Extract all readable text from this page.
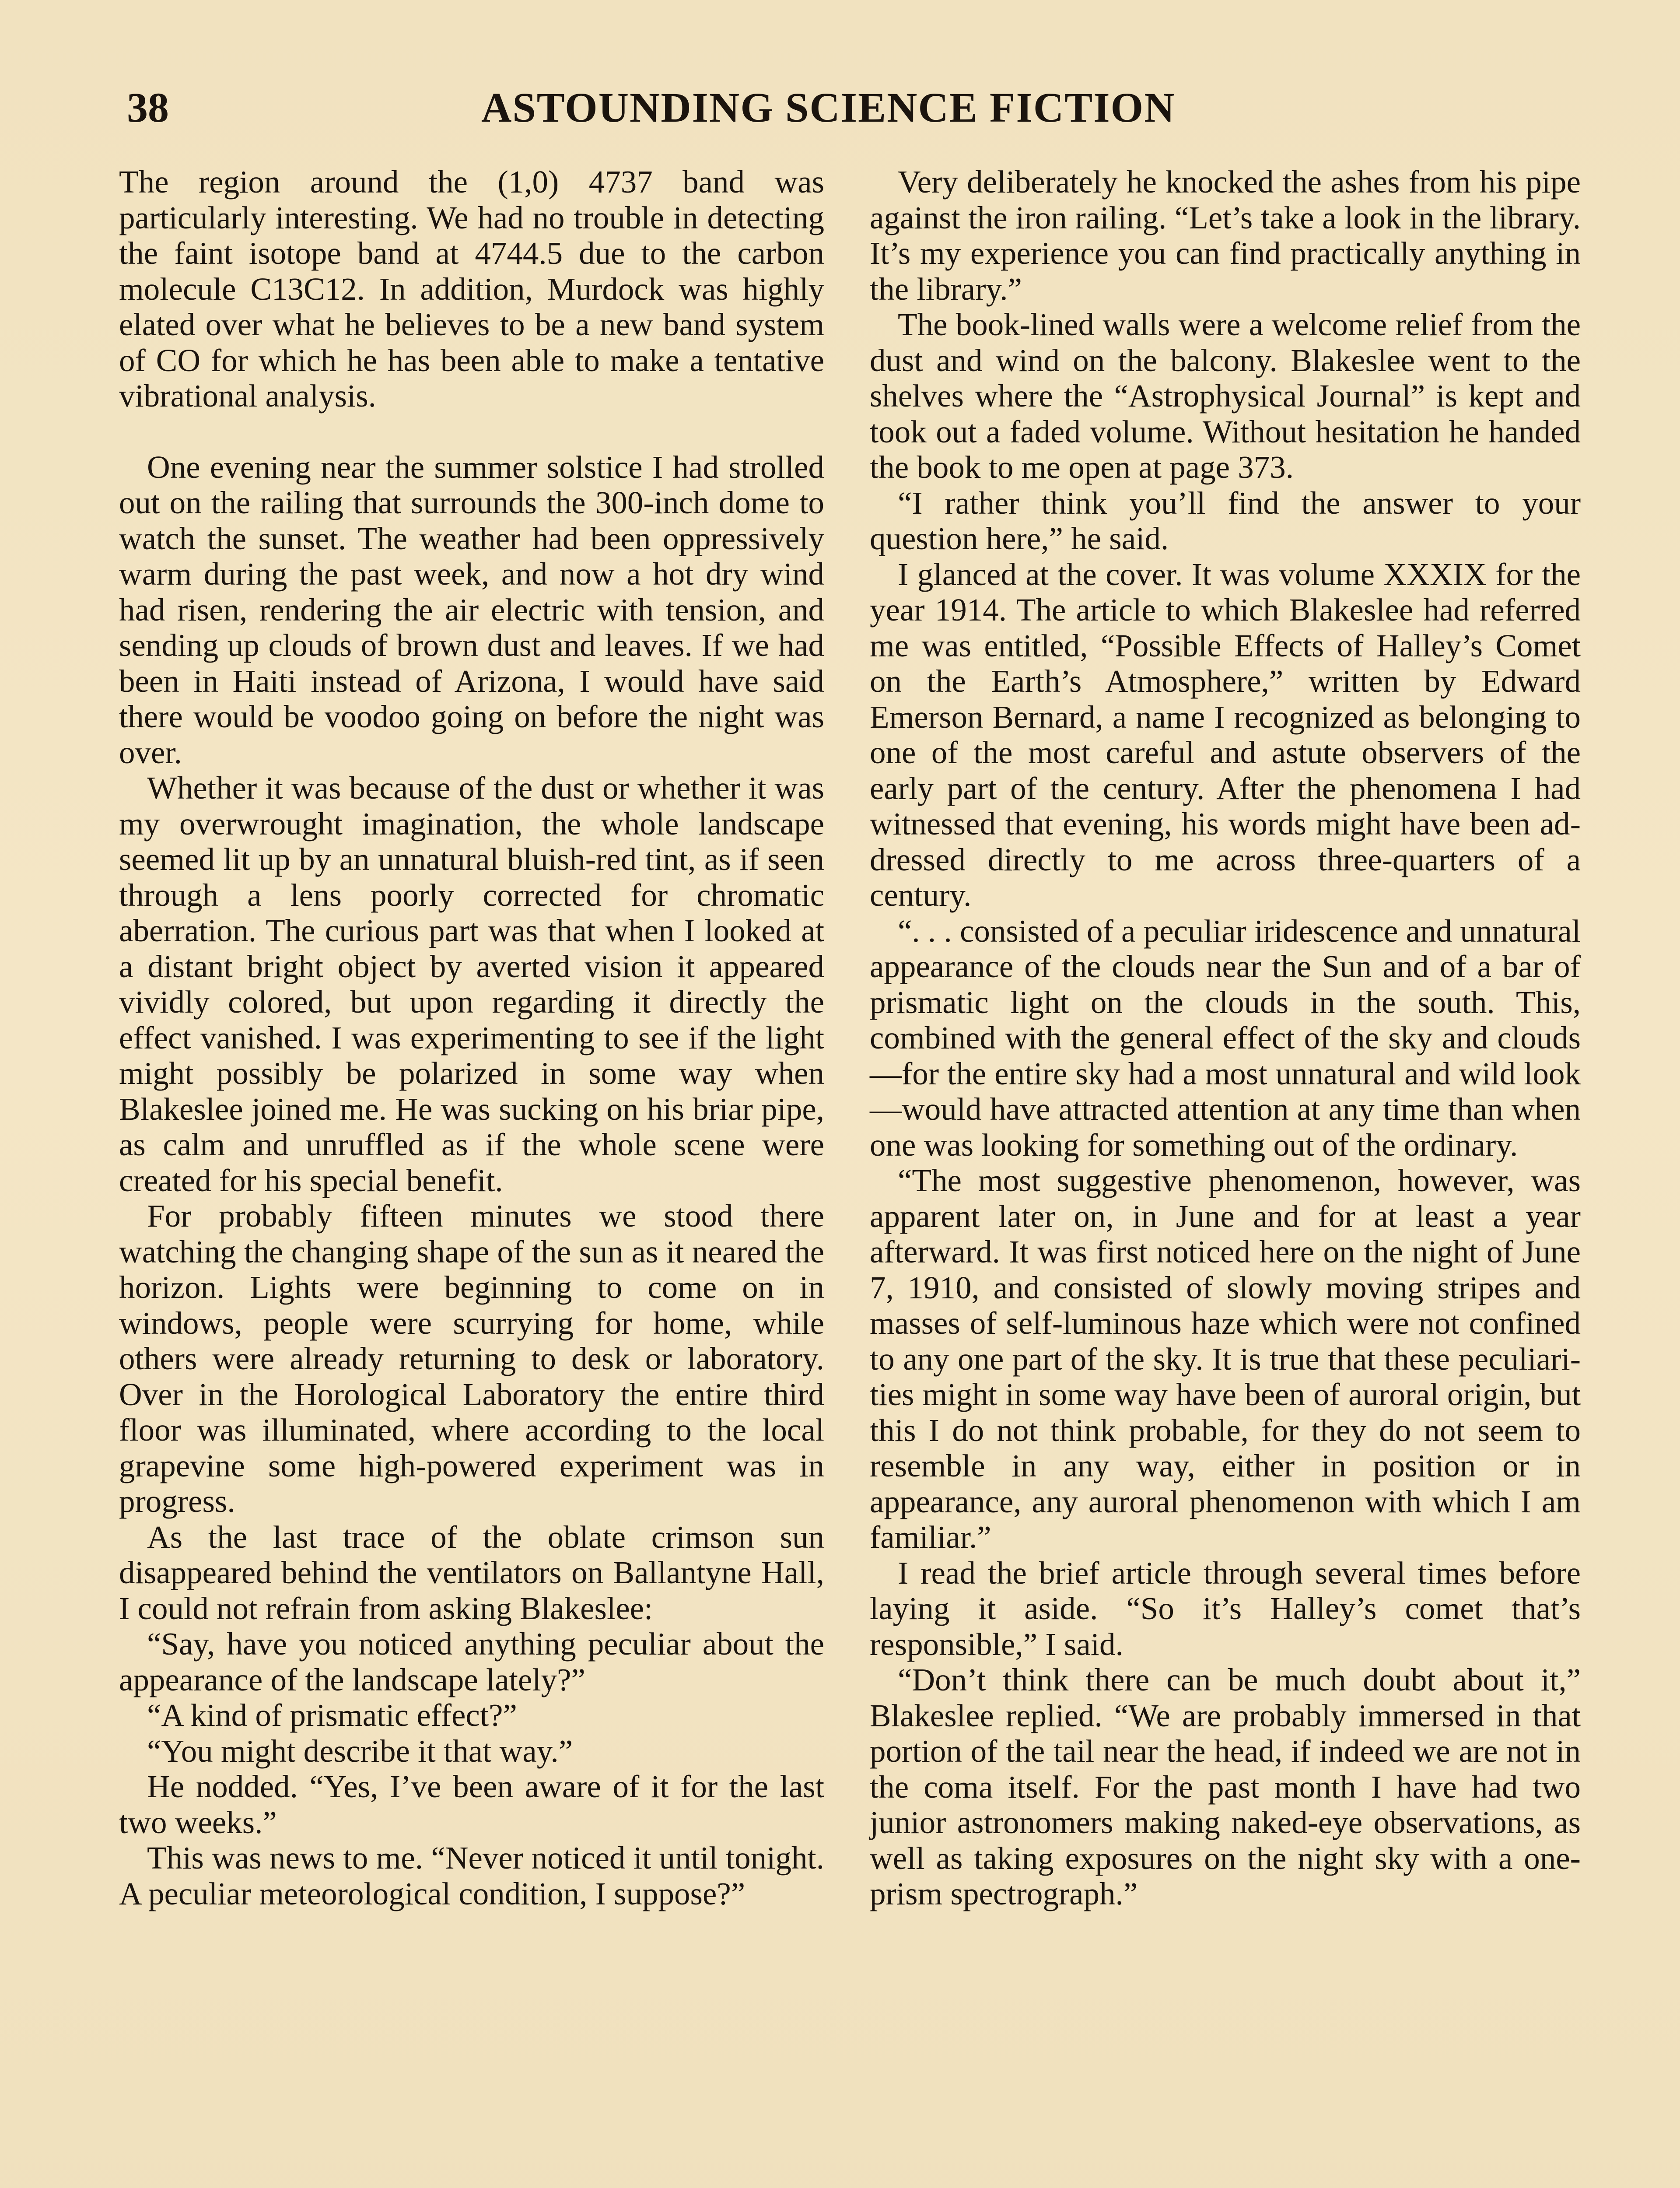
38	ASTOUNDING SCIENCE FICTION

The region around the (1,0) 4737 band was particularly interesting. We had no trouble in detecting the faint isotope band at 4744.5 due to the carbon molecule C13C12. In addition, Murdock was highly elated over what he believes to be a new band system of CO for which he has been able to make a tentative vibrational analysis.

One evening near the summer solstice I had strolled out on the railing that surrounds the 300-inch dome to watch the sunset. The weather had been oppressively warm during the past week, and now a hot dry wind had risen, rendering the air electric with tension, and sending up clouds of brown dust and leaves. If we had been in Haiti instead of Arizona, I would have said there would be voodoo going on before the night was over.

Whether it was because of the dust or whether it was my overwrought imagination, the whole landscape seemed lit up by an unnatural bluish-red tint, as if seen through a lens poorly corrected for chromatic aberration. The curious part was that when I looked at a distant bright object by averted vision it appeared vividly colored, but upon regarding it directly the effect vanished. I was experimenting to see if the light might possibly be polarized in some way when Blakeslee joined me. He was sucking on his briar pipe, as calm and unruffled as if the whole scene were created for his special benefit.

For probably fifteen minutes we stood there watching the changing shape of the sun as it neared the horizon. Lights were beginning to come on in windows, people were scurrying for home, while others were already returning to desk or laboratory. Over in the Horological Laboratory the entire third floor was illuminated, where according to the local grapevine some high-powered experiment was in progress.

As the last trace of the oblate crimson sun disappeared behind the ventilators on Ballantyne Hall, I could not refrain from asking Blakeslee:

“Say, have you noticed anything peculiar about the appearance of the landscape lately?”

“A kind of prismatic effect?”

“You might describe it that way.”

He nodded. “Yes, I’ve been aware of it for the last two weeks.”

This was news to me. “Never noticed it until tonight. A peculiar meteorological condition, I suppose?”

Very deliberately he knocked the ashes from his pipe against the iron railing. “Let’s take a look in the library. It’s my experience you can find practically anything in the library.”

The book-lined walls were a welcome relief from the dust and wind on the balcony. Blakeslee went to the shelves where the “Astrophysical Journal” is kept and took out a faded volume. Without hesitation he handed the book to me open at page 373.

“I rather think you’ll find the answer to your question here,” he said.

I glanced at the cover. It was volume XXXIX for the year 1914. The article to which Blakeslee had referred me was entitled, “Possible Effects of Halley’s Comet on the Earth’s Atmosphere,” written by Edward Emerson Bernard, a name I recognized as belonging to one of the most careful and astute observers of the early part of the century. After the phenomena I had witnessed that evening, his words might have been addressed directly to me across three-quarters of a century.

“. . . consisted of a peculiar iridescence and unnatural appearance of the clouds near the Sun and of a bar of prismatic light on the clouds in the south. This, combined with the general effect of the sky and clouds—for the entire sky had a most unnatural and wild look—would have attracted attention at any time than when one was looking for something out of the ordinary.

“The most suggestive phenomenon, however, was apparent later on, in June and for at least a year afterward. It was first noticed here on the night of June 7, 1910, and consisted of slowly moving stripes and masses of self-luminous haze which were not confined to any one part of the sky. It is true that these peculiarities might in some way have been of auroral origin, but this I do not think probable, for they do not seem to resemble in any way, either in position or in appearance, any auroral phenomenon with which I am familiar.”

I read the brief article through several times before laying it aside. “So it’s Halley’s comet that’s responsible,” I said.

“Don’t think there can be much doubt about it,” Blakeslee replied. “We are probably immersed in that portion of the tail near the head, if indeed we are not in the coma itself. For the past month I have had two junior astronomers making naked-eye observations, as well as taking exposures on the night sky with a one-prism spectrograph.”
